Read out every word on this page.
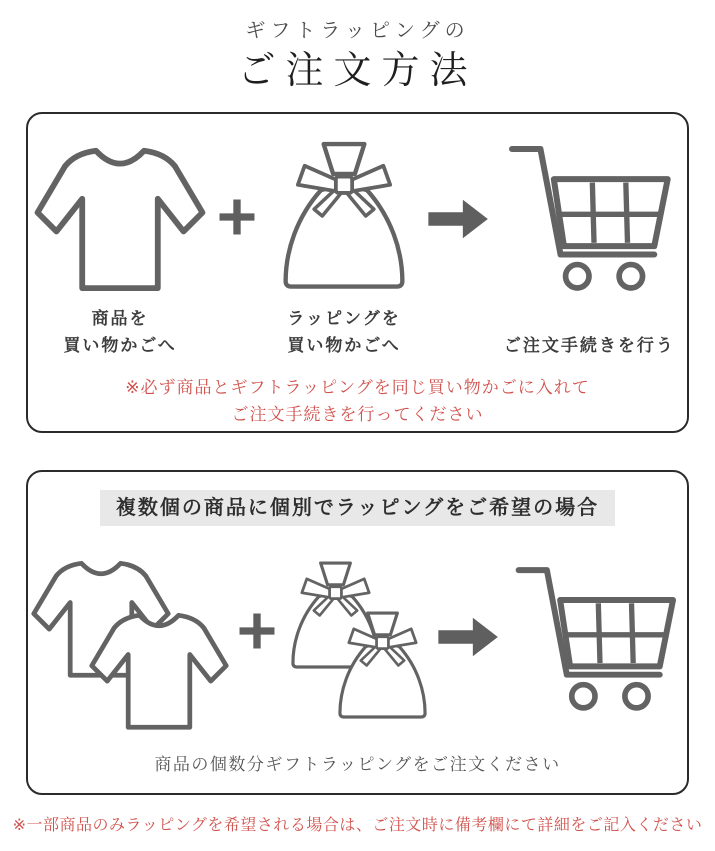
ギフトラッピングの
ご注文方法
商品を
買い物かごへ
ラッピングを
買い物かごへ	ご注文手続きを行う
※必ず商品とギフトラッピングを同じ買い物かごに入れて
ご注文手続きを行ってください
複数個の商品に個別でラッピングをご希望の場合
商品の個数分ギフトラッピングをご注文ください
※一部商品のみラッピングを希望される場合は、ご注文時に備考欄にて詳細をご記入ください
